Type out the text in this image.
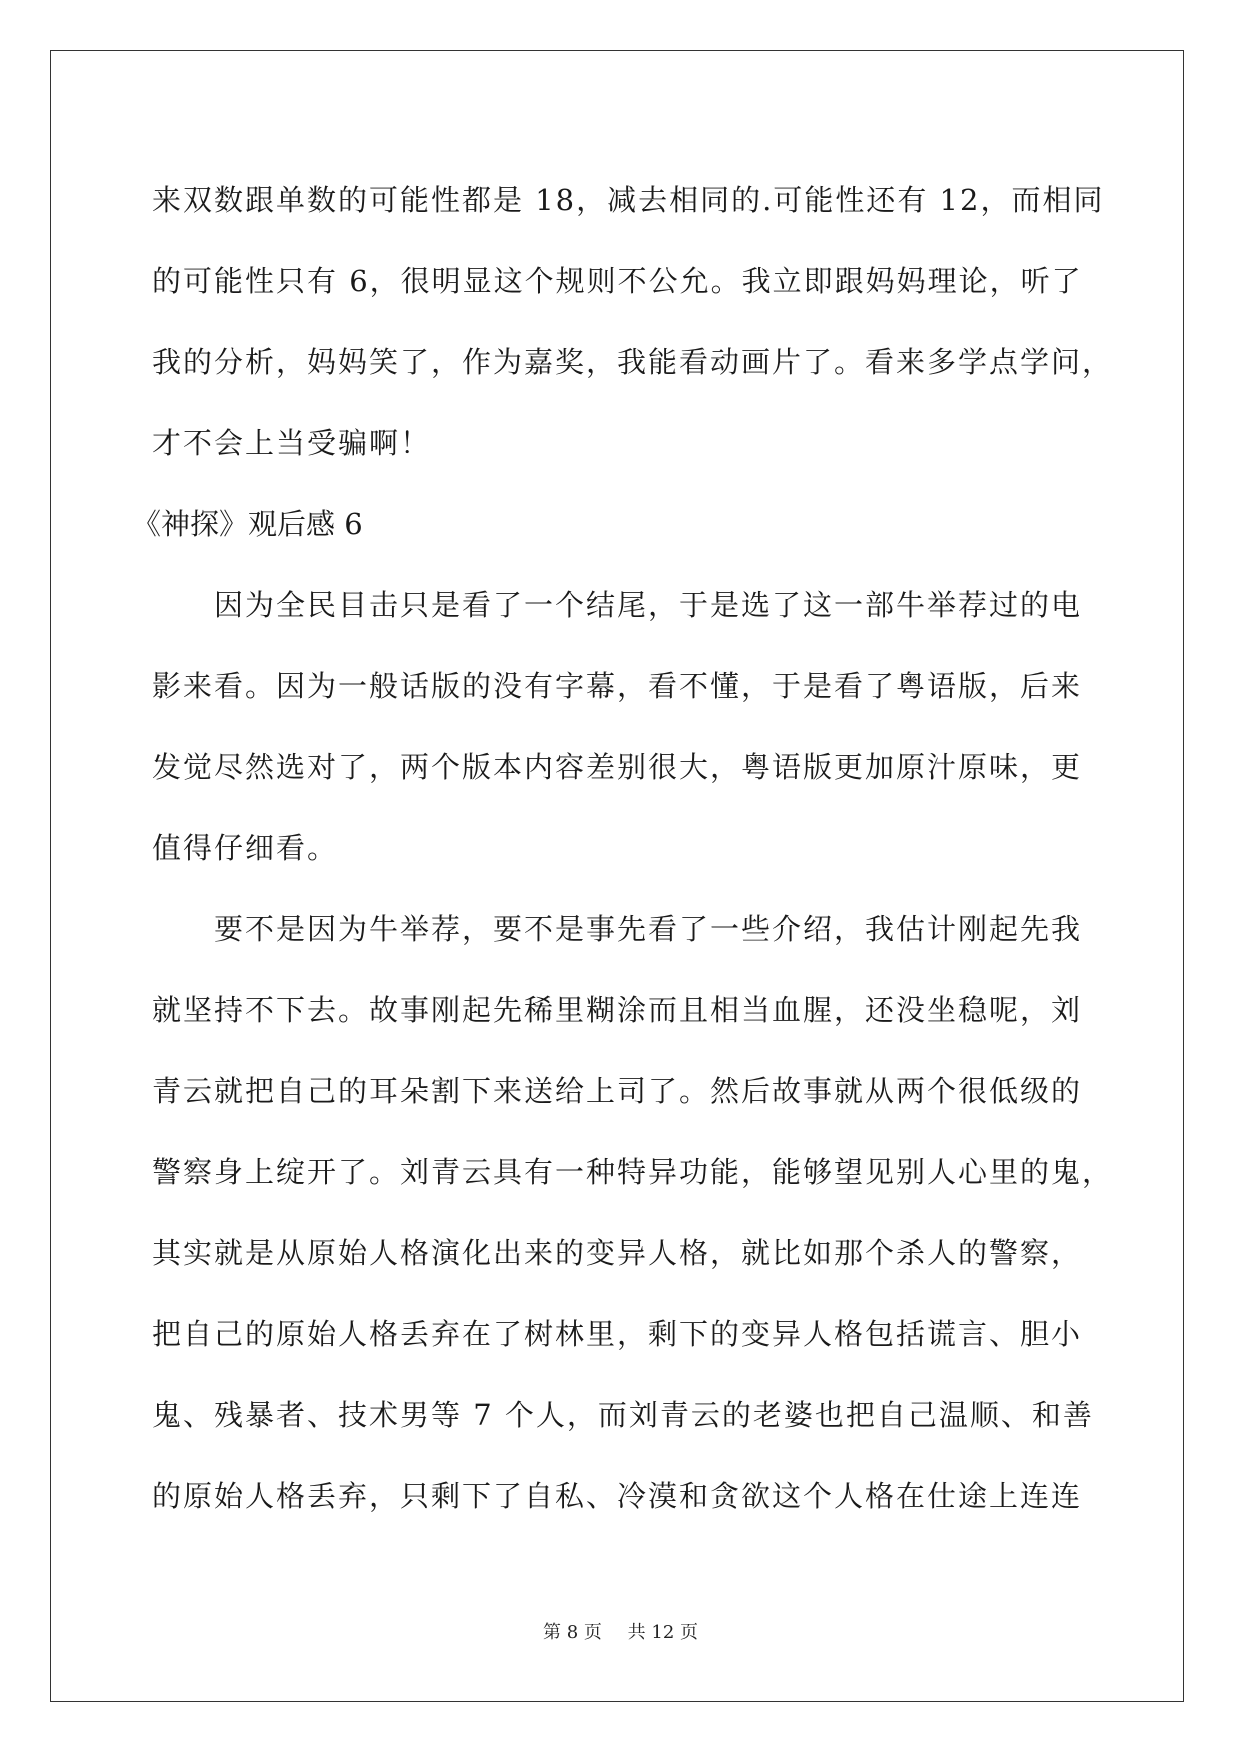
来双数跟单数的可能性都是 18，减去相同的.可能性还有 12，而相同
的可能性只有 6，很明显这个规则不公允。我立即跟妈妈理论，听了
我的分析，妈妈笑了，作为嘉奖，我能看动画片了。看来多学点学问，
才不会上当受骗啊！
《神探》观后感 6
因为全民目击只是看了一个结尾，于是选了这一部牛举荐过的电
影来看。因为一般话版的没有字幕，看不懂，于是看了粤语版，后来
发觉尽然选对了，两个版本内容差别很大，粤语版更加原汁原味，更
值得仔细看。
要不是因为牛举荐，要不是事先看了一些介绍，我估计刚起先我
就坚持不下去。故事刚起先稀里糊涂而且相当血腥，还没坐稳呢，刘
青云就把自己的耳朵割下来送给上司了。然后故事就从两个很低级的
警察身上绽开了。刘青云具有一种特异功能，能够望见别人心里的鬼，
其实就是从原始人格演化出来的变异人格，就比如那个杀人的警察，
把自己的原始人格丢弃在了树林里，剩下的变异人格包括谎言、胆小
鬼、残暴者、技术男等 7 个人，而刘青云的老婆也把自己温顺、和善
的原始人格丢弃，只剩下了自私、冷漠和贪欲这个人格在仕途上连连
第 8 页 共 12 页
